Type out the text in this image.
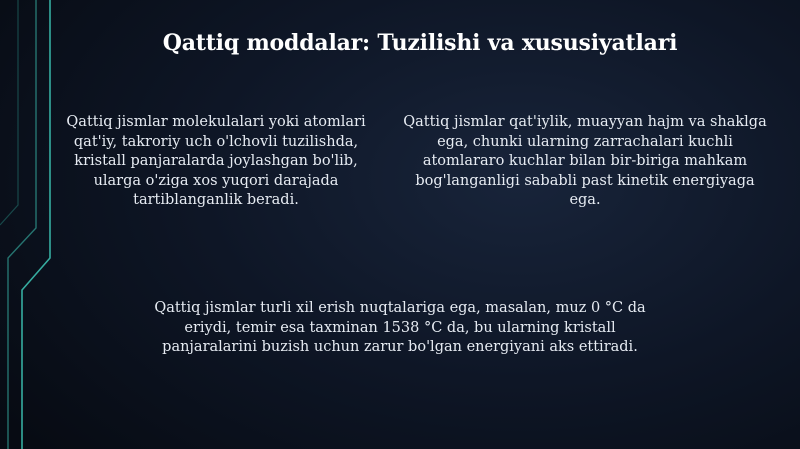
Qattiq moddalar: Tuzilishi va xususiyatlari

Qattiq jismlar molekulalari yoki atomlari qat'iy, takroriy uch o'lchovli tuzilishda, kristall panjaralarda joylashgan bo'lib, ularga o'ziga xos yuqori darajada tartiblanganlik beradi.

Qattiq jismlar qat'iylik, muayyan hajm va shaklga ega, chunki ularning zarrachalari kuchli atomlararo kuchlar bilan bir-biriga mahkam bog'langanligi sababli past kinetik energiyaga ega.

Qattiq jismlar turli xil erish nuqtalariga ega, masalan, muz 0 °C da eriydi, temir esa taxminan 1538 °C da, bu ularning kristall panjaralarini buzish uchun zarur bo'lgan energiyani aks ettiradi.
